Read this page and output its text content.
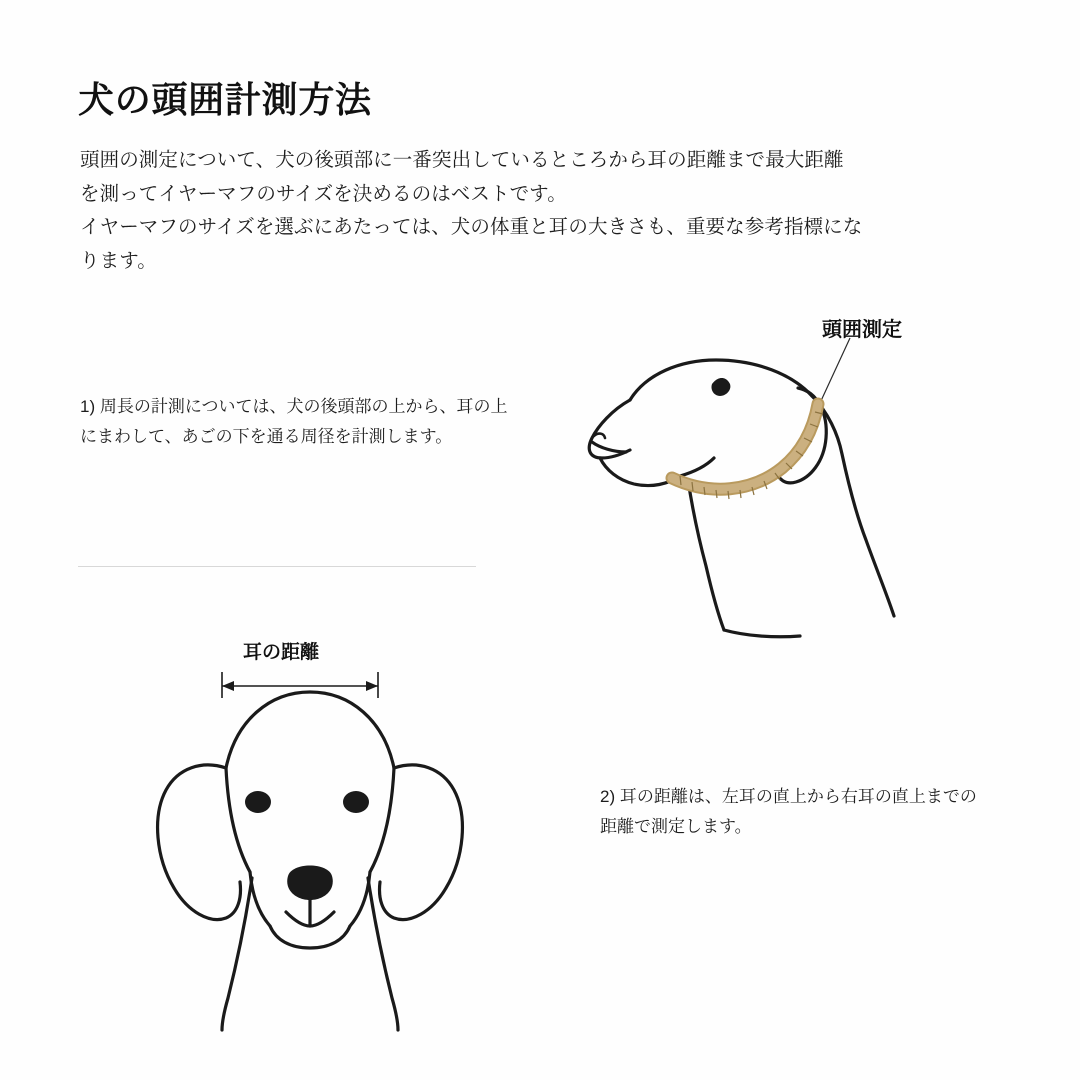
犬の頭囲計測方法

頭囲の測定について、犬の後頭部に一番突出しているところから耳の距離まで最大距離

を測ってイヤーマフのサイズを決めるのはベストです。

イヤーマフのサイズを選ぶにあたっては、犬の体重と耳の大きさも、重要な参考指標にな

ります。

1) 周長の計測については、犬の後頭部の上から、耳の上にまわして、あごの下を通る周径を計測します。
2) 耳の距離は、左耳の直上から右耳の直上までの距離で測定します。
頭囲測定
耳の距離
